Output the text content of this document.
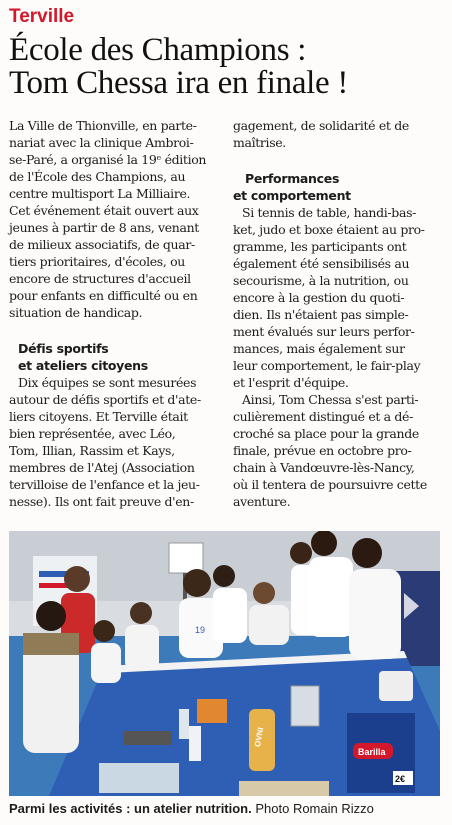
Terville
École des Champions :
Tom Chessa ira en finale !
La Ville de Thionville, en parte-
nariat avec la clinique Ambroi-
se-Paré, a organisé la 19ᵉ édition
de l'École des Champions, au
centre multisport La Milliaire.
Cet événement était ouvert aux
jeunes à partir de 8 ans, venant
de milieux associatifs, de quar-
tiers prioritaires, d'écoles, ou
encore de structures d'accueil
pour enfants en difficulté ou en
situation de handicap.
Défis sportifs
et ateliers citoyens
Dix équipes se sont mesurées
autour de défis sportifs et d'ate-
liers citoyens. Et Terville était
bien représentée, avec Léo,
Tom, Illian, Rassim et Kays,
membres de l'Atej (Association
tervilloise de l'enfance et la jeu-
nesse). Ils ont fait preuve d'en-
gagement, de solidarité et de
maîtrise.
Performances
et comportement
Si tennis de table, handi-bas-
ket, judo et boxe étaient au pro-
gramme, les participants ont
également été sensibilisés au
secourisme, à la nutrition, ou
encore à la gestion du quoti-
dien. Ils n'étaient pas simple-
ment évalués sur leurs perfor-
mances, mais également sur
leur comportement, le fair-play
et l'esprit d'équipe.
Ainsi, Tom Chessa s'est parti-
culièrement distingué et a dé-
croché sa place pour la grande
finale, prévue en octobre pro-
chain à Vandœuvre-lès-Nancy,
où il tentera de poursuivre cette
aventure.
19
OVNI
Barilla
2€
Parmi les activités : un atelier nutrition. Photo Romain Rizzo
